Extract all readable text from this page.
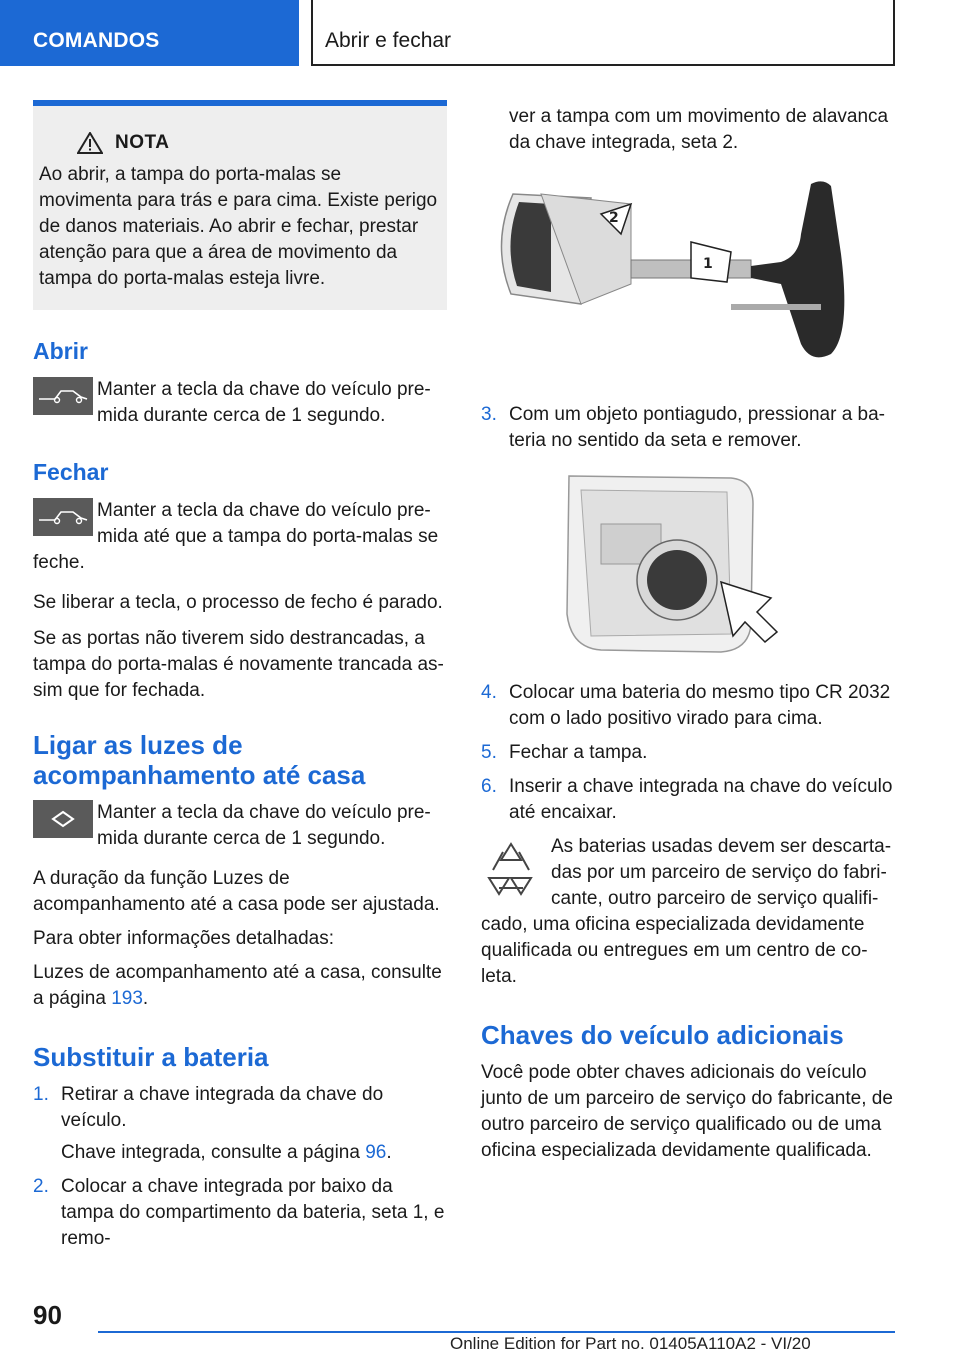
COMANDOS	Abrir e fechar
NOTA

Ao abrir, a tampa do porta-malas se movimenta para trás e para cima. Existe perigo de danos materiais. Ao abrir e fechar, prestar atenção para que a área de movimento da tampa do porta-malas esteja livre.

Abrir

Manter a tecla da chave do veículo pre-mida durante cerca de 1 segundo.

Fechar

Manter a tecla da chave do veículo pre-mida até que a tampa do porta-malas se feche.

Se liberar a tecla, o processo de fecho é parado.

Se as portas não tiverem sido destrancadas, a tampa do porta-malas é novamente trancada as-sim que for fechada.

Ligar as luzes de acompanhamento até casa

Manter a tecla da chave do veículo pre-mida durante cerca de 1 segundo.

A duração da função Luzes de acompanhamento até a casa pode ser ajustada.

Para obter informações detalhadas:

Luzes de acompanhamento até a casa, consulte a página 193.

Substituir a bateria
1. Retirar a chave integrada da chave do veículo.
Chave integrada, consulte a página 96.
2. Colocar a chave integrada por baixo da tampa do compartimento da bateria, seta 1, e remo-

ver a tampa com um movimento de alavanca da chave integrada, seta 2.

2
1
3. Com um objeto pontiagudo, pressionar a ba-teria no sentido da seta e remover.
4. Colocar uma bateria do mesmo tipo CR 2032 com o lado positivo virado para cima.
5. Fechar a tampa.
6. Inserir a chave integrada na chave do veículo até encaixar.

As baterias usadas devem ser descarta-das por um parceiro de serviço do fabri-cante, outro parceiro de serviço qualifi-cado, uma oficina especializada devidamente qualificada ou entregues em um centro de co-leta.

Chaves do veículo adicionais

Você pode obter chaves adicionais do veículo junto de um parceiro de serviço do fabricante, de outro parceiro de serviço qualificado ou de uma oficina especializada devidamente qualificada.

90
Online Edition for Part no. 01405A110A2 - VI/20
